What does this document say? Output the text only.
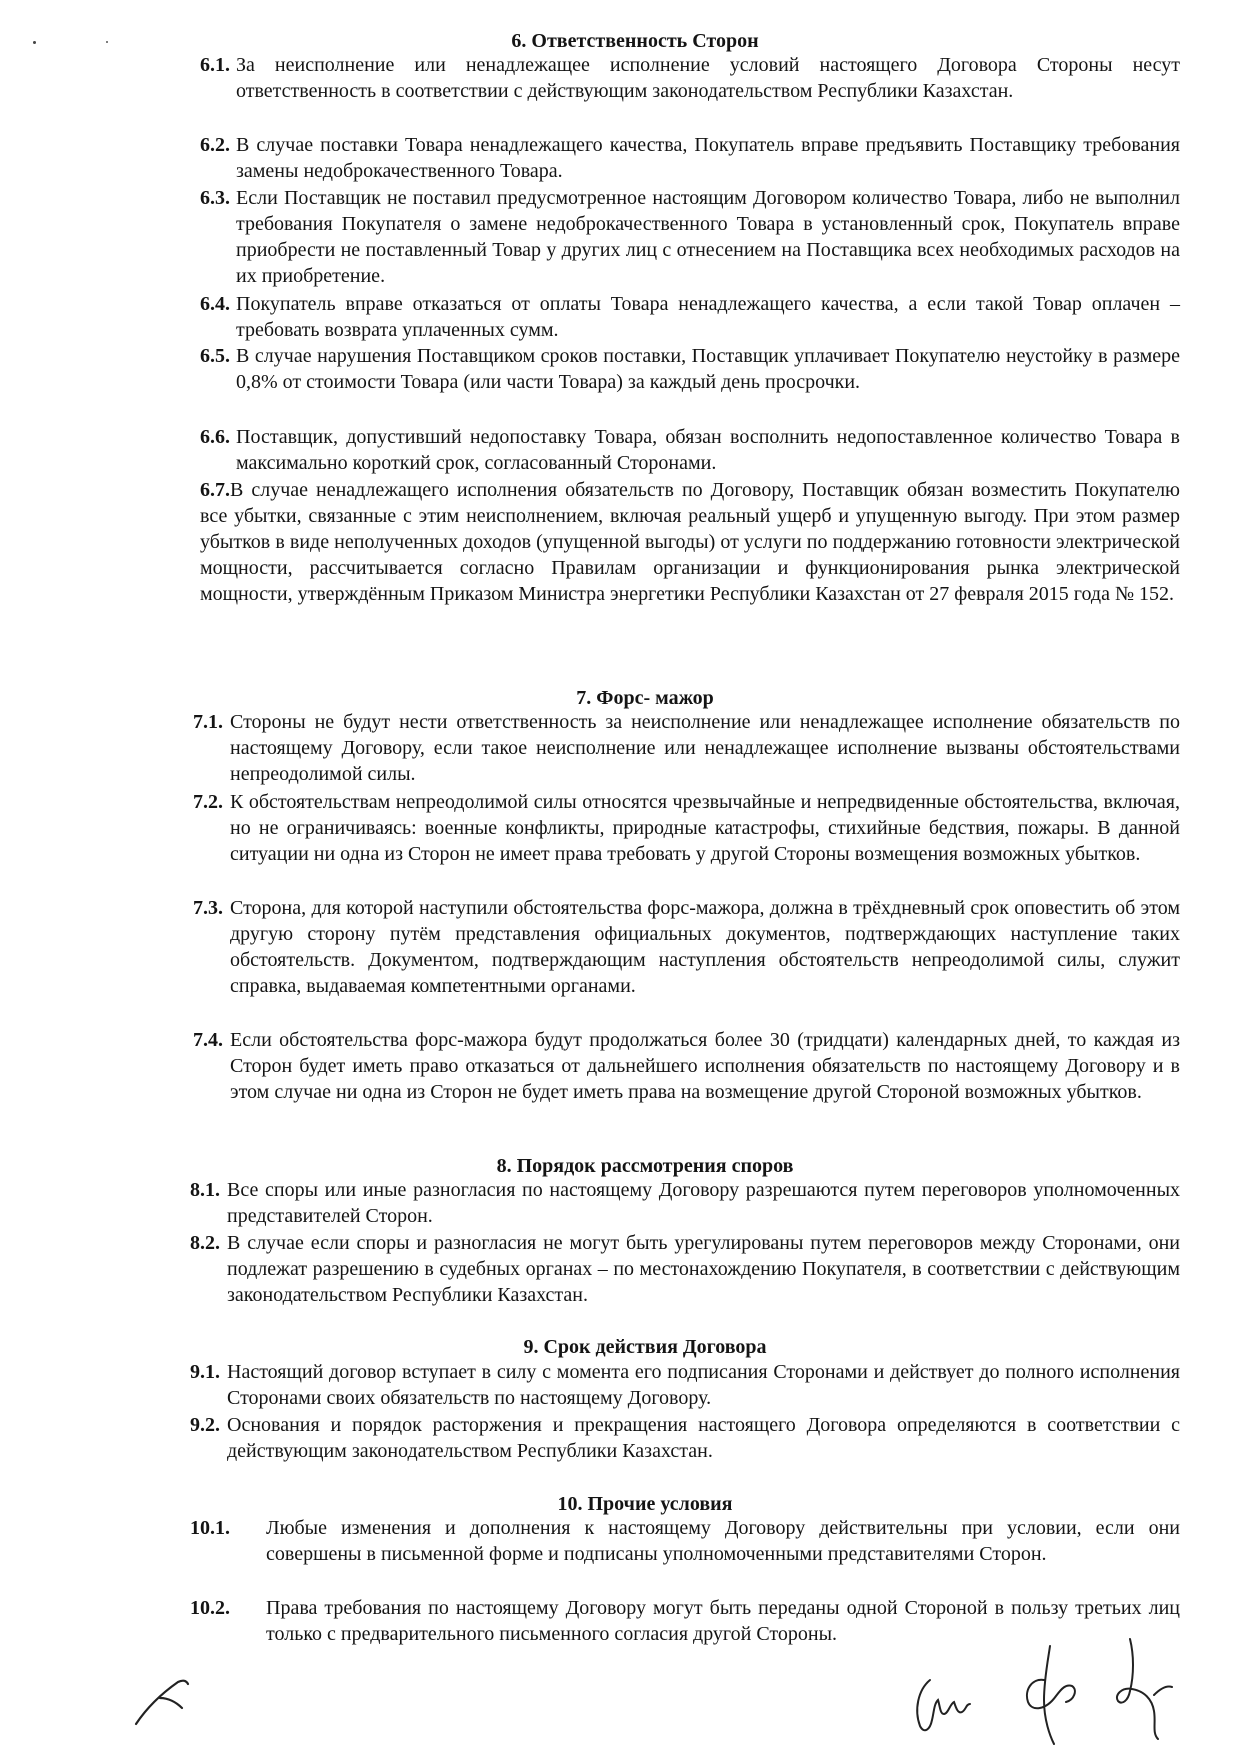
6. Ответственность Сторон
6.1. За неисполнение или ненадлежащее исполнение условий настоящего Договора Стороны несут ответственность в соответствии с действующим законодательством Республики Казахстан.
6.2. В случае поставки Товара ненадлежащего качества, Покупатель вправе предъявить Поставщику требования замены недоброкачественного Товара.
6.3. Если Поставщик не поставил предусмотренное настоящим Договором количество Товара, либо не выполнил требования Покупателя о замене недоброкачественного Товара в установленный срок, Покупатель вправе приобрести не поставленный Товар у других лиц с отнесением на Поставщика всех необходимых расходов на их приобретение.
6.4. Покупатель вправе отказаться от оплаты Товара ненадлежащего качества, а если такой Товар оплачен – требовать возврата уплаченных сумм.
6.5. В случае нарушения Поставщиком сроков поставки, Поставщик уплачивает Покупателю неустойку в размере 0,8% от стоимости Товара (или части Товара) за каждый день просрочки.
6.6. Поставщик, допустивший недопоставку Товара, обязан восполнить недопоставленное количество Товара в максимально короткий срок, согласованный Сторонами.
6.7.В случае ненадлежащего исполнения обязательств по Договору, Поставщик обязан возместить Покупателю все убытки, связанные с этим неисполнением, включая реальный ущерб и упущенную выгоду. При этом размер убытков в виде неполученных доходов (упущенной выгоды) от услуги по поддержанию готовности электрической мощности, рассчитывается согласно Правилам организации и функционирования рынка электрической мощности, утверждённым Приказом Министра энергетики Республики Казахстан от 27 февраля 2015 года № 152.
7. Форс- мажор
7.1. Стороны не будут нести ответственность за неисполнение или ненадлежащее исполнение обязательств по настоящему Договору, если такое неисполнение или ненадлежащее исполнение вызваны обстоятельствами непреодолимой силы.
7.2. К обстоятельствам непреодолимой силы относятся чрезвычайные и непредвиденные обстоятельства, включая, но не ограничиваясь: военные конфликты, природные катастрофы, стихийные бедствия, пожары. В данной ситуации ни одна из Сторон не имеет права требовать у другой Стороны возмещения возможных убытков.
7.3. Сторона, для которой наступили обстоятельства форс-мажора, должна в трёхдневный срок оповестить об этом другую сторону путём представления официальных документов, подтверждающих наступление таких обстоятельств. Документом, подтверждающим наступления обстоятельств непреодолимой силы, служит справка, выдаваемая компетентными органами.
7.4. Если обстоятельства форс-мажора будут продолжаться более 30 (тридцати) календарных дней, то каждая из Сторон будет иметь право отказаться от дальнейшего исполнения обязательств по настоящему Договору и в этом случае ни одна из Сторон не будет иметь права на возмещение другой Стороной возможных убытков.
8. Порядок рассмотрения споров
8.1. Все споры или иные разногласия по настоящему Договору разрешаются путем переговоров уполномоченных представителей Сторон.
8.2. В случае если споры и разногласия не могут быть урегулированы путем переговоров между Сторонами, они подлежат разрешению в судебных органах – по местонахождению Покупателя, в соответствии с действующим законодательством Республики Казахстан.
9. Срок действия Договора
9.1. Настоящий договор вступает в силу с момента его подписания Сторонами и действует до полного исполнения Сторонами своих обязательств по настоящему Договору.
9.2. Основания и порядок расторжения и прекращения настоящего Договора определяются в соответствии с действующим законодательством Республики Казахстан.
10. Прочие условия
10.1. Любые изменения и дополнения к настоящему Договору действительны при условии, если они совершены в письменной форме и подписаны уполномоченными представителями Сторон.
10.2. Права требования по настоящему Договору могут быть переданы одной Стороной в пользу третьих лиц только с предварительного письменного согласия другой Стороны.
